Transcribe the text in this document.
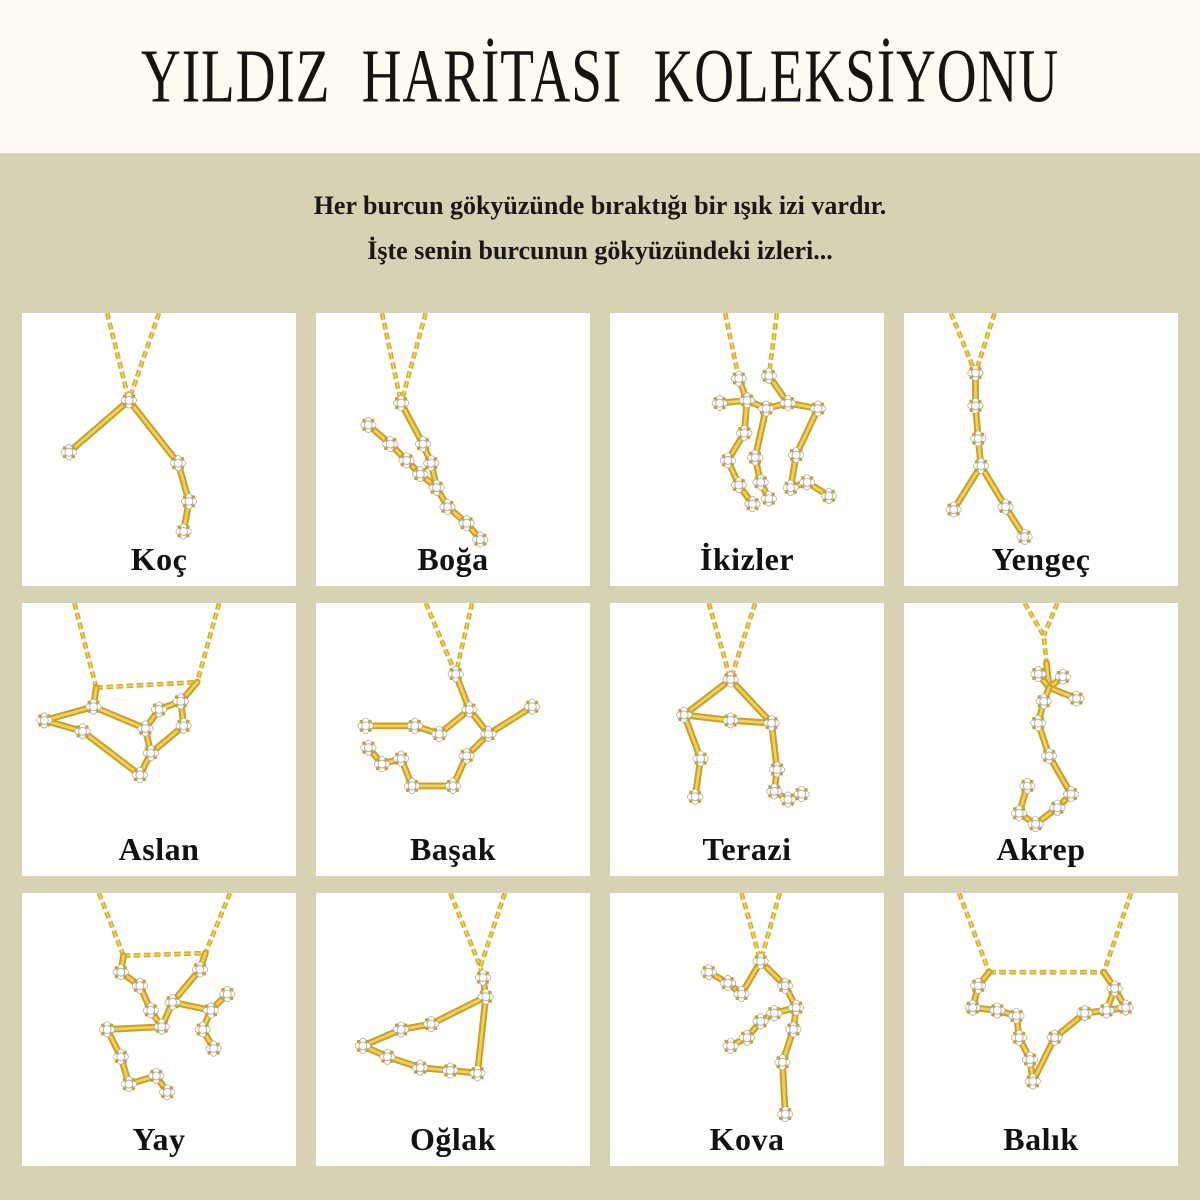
YILDIZ HARİTASI KOLEKSİYONU
Her burcun gökyüzünde bıraktığı bir ışık izi vardır.
İşte senin burcunun gökyüzündeki izleri...
Koç	Boğa	İkizler	Yengeç
Aslan	Başak	Terazi	Akrep
Yay	Oğlak	Kova	Balık
